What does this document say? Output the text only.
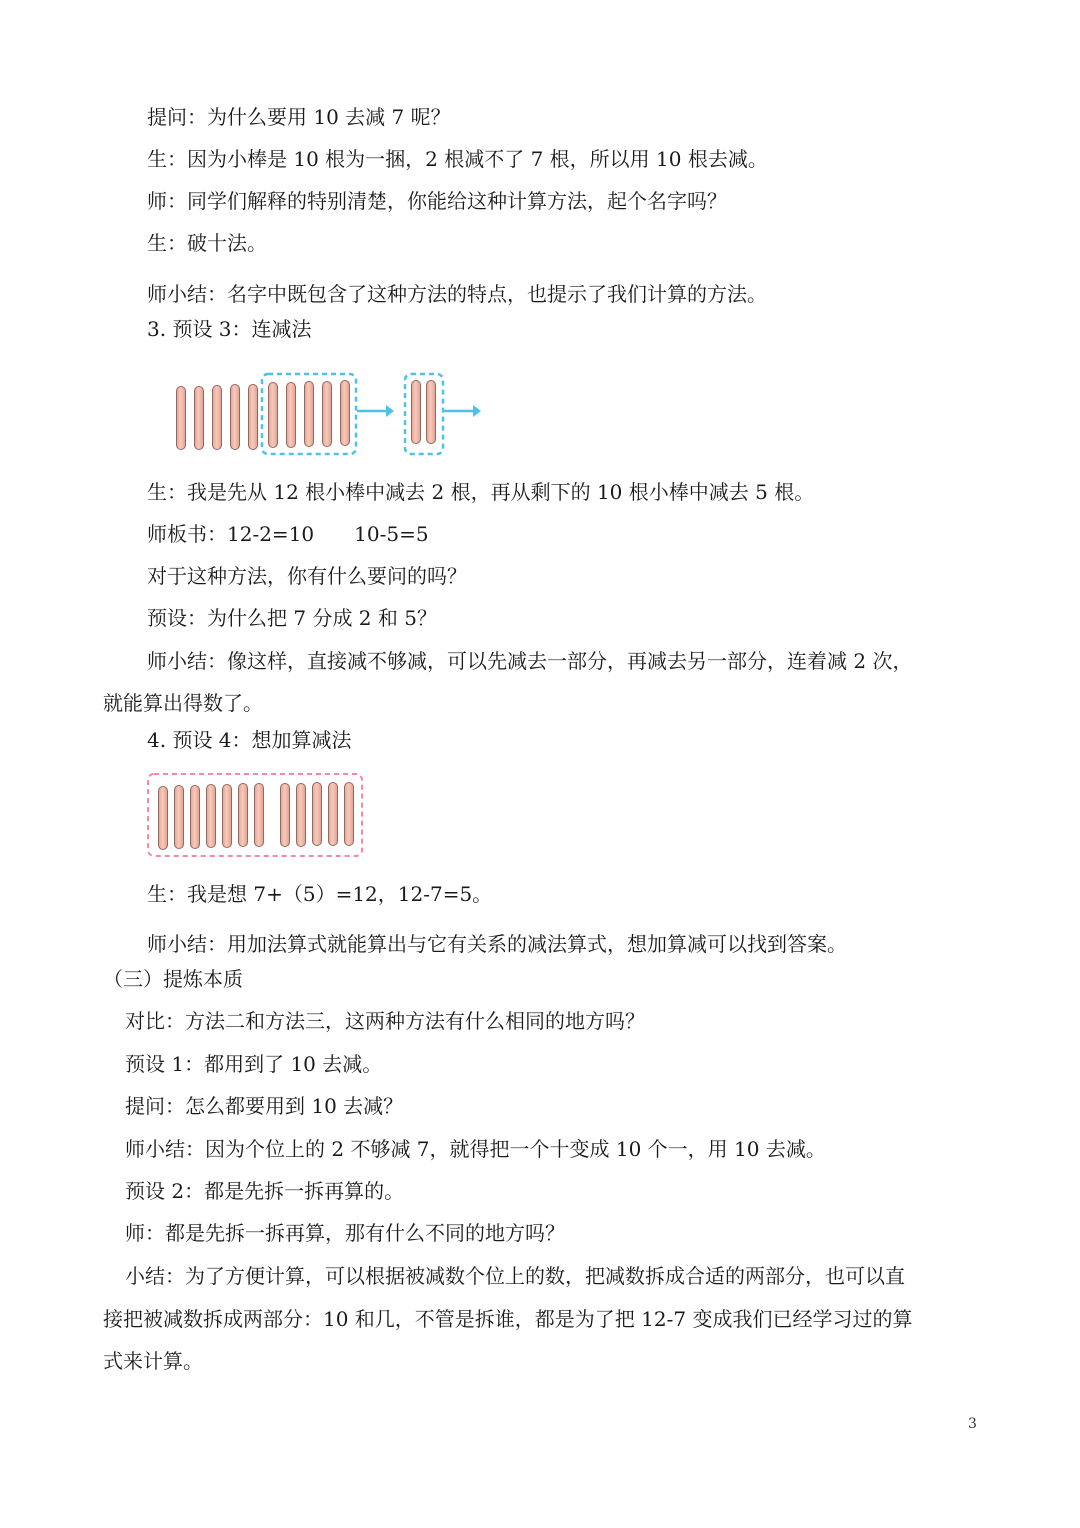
提问：为什么要用 10 去减 7 呢？
生：因为小棒是 10 根为一捆，2 根减不了 7 根，所以用 10 根去减。
师：同学们解释的特别清楚，你能给这种计算方法，起个名字吗？
生：破十法。
师小结：名字中既包含了这种方法的特点，也提示了我们计算的方法。
3. 预设 3：连减法
生：我是先从 12 根小棒中减去 2 根，再从剩下的 10 根小棒中减去 5 根。
师板书：12-2=10　　10-5=5
对于这种方法，你有什么要问的吗？
预设：为什么把 7 分成 2 和 5？
师小结：像这样，直接减不够减，可以先减去一部分，再减去另一部分，连着减 2 次，
就能算出得数了。
4. 预设 4：想加算减法
生：我是想 7+（5）=12，12-7=5。
师小结：用加法算式就能算出与它有关系的减法算式，想加算减可以找到答案。
（三）提炼本质
对比：方法二和方法三，这两种方法有什么相同的地方吗？
预设 1：都用到了 10 去减。
提问：怎么都要用到 10 去减？
师小结：因为个位上的 2 不够减 7，就得把一个十变成 10 个一，用 10 去减。
预设 2：都是先拆一拆再算的。
师：都是先拆一拆再算，那有什么不同的地方吗？
小结：为了方便计算，可以根据被减数个位上的数，把减数拆成合适的两部分，也可以直
接把被减数拆成两部分：10 和几，不管是拆谁，都是为了把 12-7 变成我们已经学习过的算
式来计算。
3
